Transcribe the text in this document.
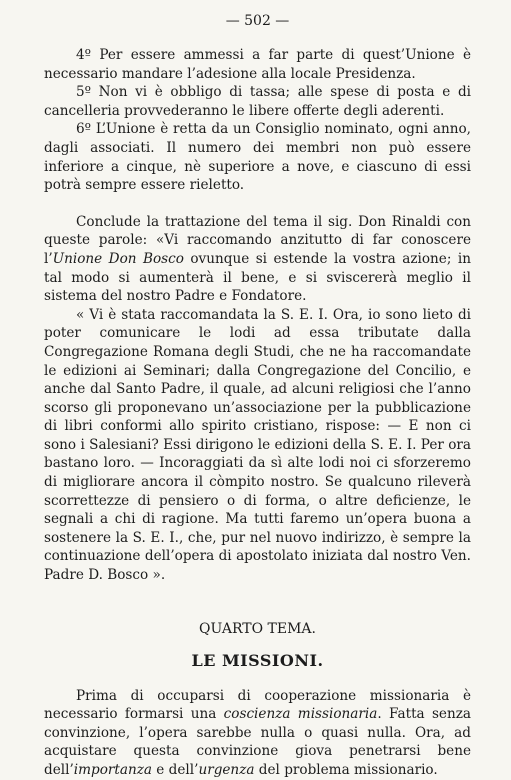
— 502 —

4º Per essere ammessi a far parte di quest’Unione è necessario mandare l’adesione alla locale Presidenza.

5º Non vi è obbligo di tassa; alle spese di posta e di cancelleria provvederanno le libere offerte degli aderenti.

6º L’Unione è retta da un Consiglio nominato, ogni anno, dagli associati. Il numero dei membri non può essere inferiore a cinque, nè superiore a nove, e ciascuno di essi potrà sempre essere rieletto.

Conclude la trattazione del tema il sig. Don Rinaldi con queste parole: «Vi raccomando anzitutto di far conoscere l’Unione Don Bosco ovunque si estende la vostra azione; in tal modo si aumenterà il bene, e si sviscererà meglio il sistema del nostro Padre e Fondatore.

« Vi è stata raccomandata la S. E. I. Ora, io sono lieto di poter comunicare le lodi ad essa tributate dalla Congregazione Romana degli Studi, che ne ha raccomandate le edizioni ai Seminari; dalla Congregazione del Concilio, e anche dal Santo Padre, il quale, ad alcuni religiosi che l’anno scorso gli proponevano un’associazione per la pubblicazione di libri conformi allo spirito cristiano, rispose: — E non ci sono i Salesiani? Essi dirigono le edizioni della S. E. I. Per ora bastano loro. — Incoraggiati da sì alte lodi noi ci sforzeremo di migliorare ancora il còmpito nostro. Se qualcuno rileverà scorrettezze di pensiero o di forma, o altre deficienze, le segnali a chi di ragione. Ma tutti faremo un’opera buona a sostenere la S. E. I., che, pur nel nuovo indirizzo, è sempre la continuazione dell’opera di apostolato iniziata dal nostro Ven. Padre D. Bosco ».

QUARTO TEMA.
LE MISSIONI.

Prima di occuparsi di cooperazione missionaria è necessario formarsi una coscienza missionaria. Fatta senza convinzione, l’opera sarebbe nulla o quasi nulla. Ora, ad acquistare questa convinzione giova penetrarsi bene dell’importanza e dell’urgenza del problema missionario.
